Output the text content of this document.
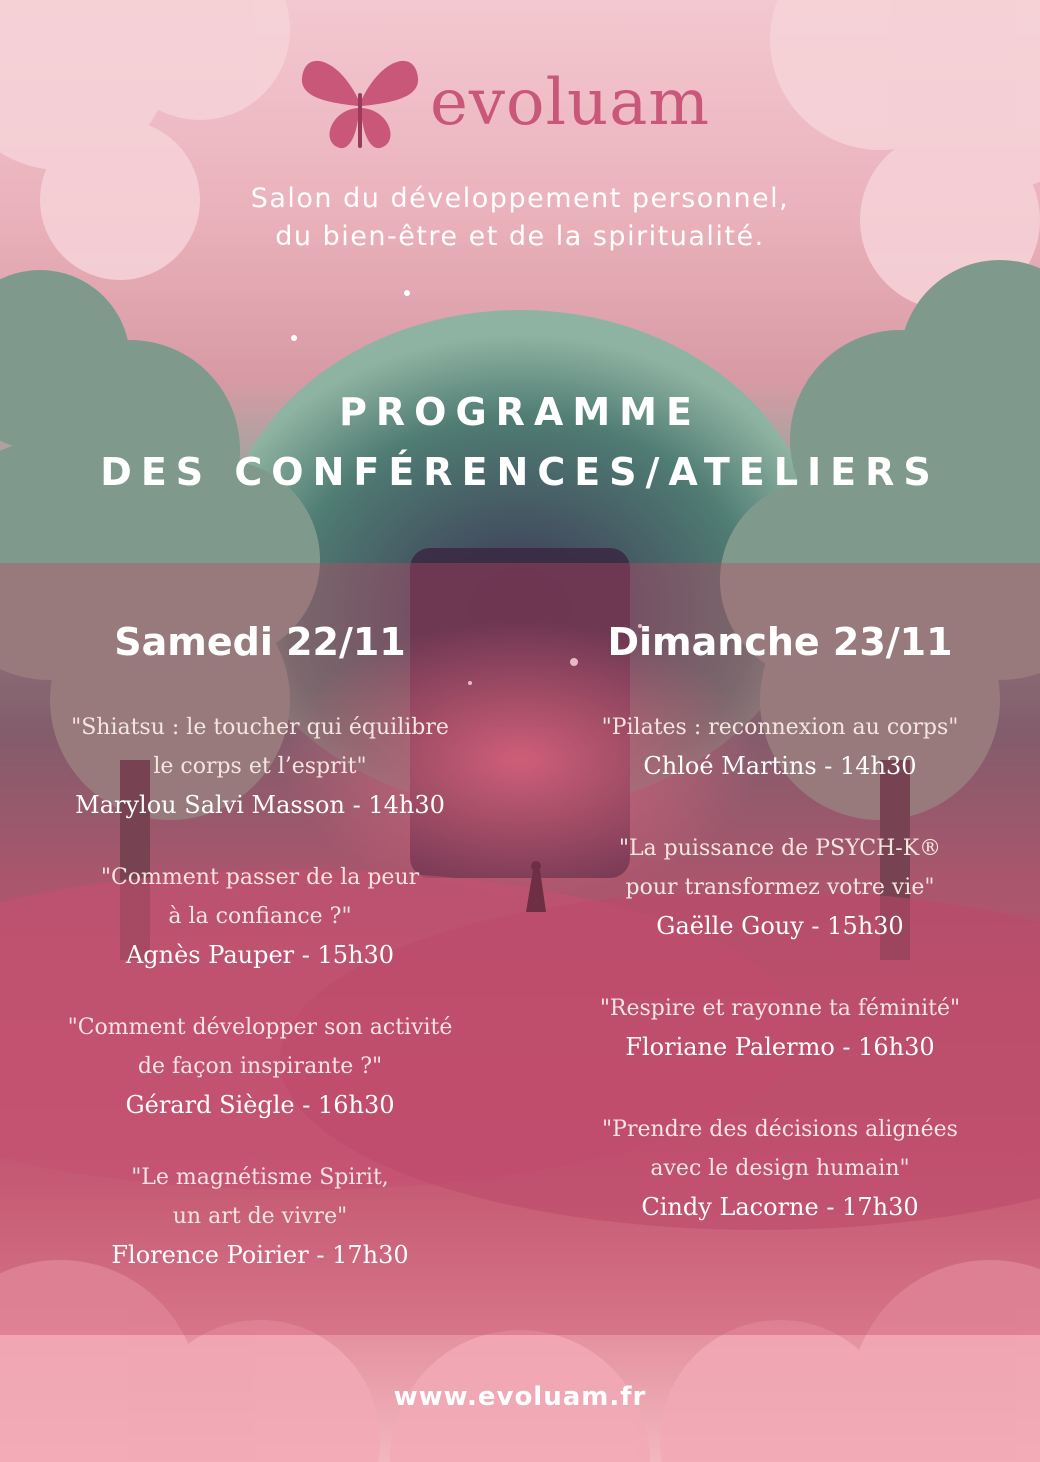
evoluam
Salon du développement personnel,
du bien-être et de la spiritualité.
PROGRAMME
DES CONFÉRENCES/ATELIERS
Samedi 22/11
"Shiatsu : le toucher qui équilibre
le corps et l’esprit"
Marylou Salvi Masson - 14h30
"Comment passer de la peur
à la confiance ?"
Agnès Pauper - 15h30
"Comment développer son activité
de façon inspirante ?"
Gérard Siègle - 16h30
"Le magnétisme Spirit,
un art de vivre"
Florence Poirier - 17h30
Dimanche 23/11
"Pilates : reconnexion au corps"
Chloé Martins - 14h30
"La puissance de PSYCH-K®
pour transformez votre vie"
Gaëlle Gouy - 15h30
"Respire et rayonne ta féminité"
Floriane Palermo - 16h30
"Prendre des décisions alignées
avec le design humain"
Cindy Lacorne - 17h30
www.evoluam.fr
